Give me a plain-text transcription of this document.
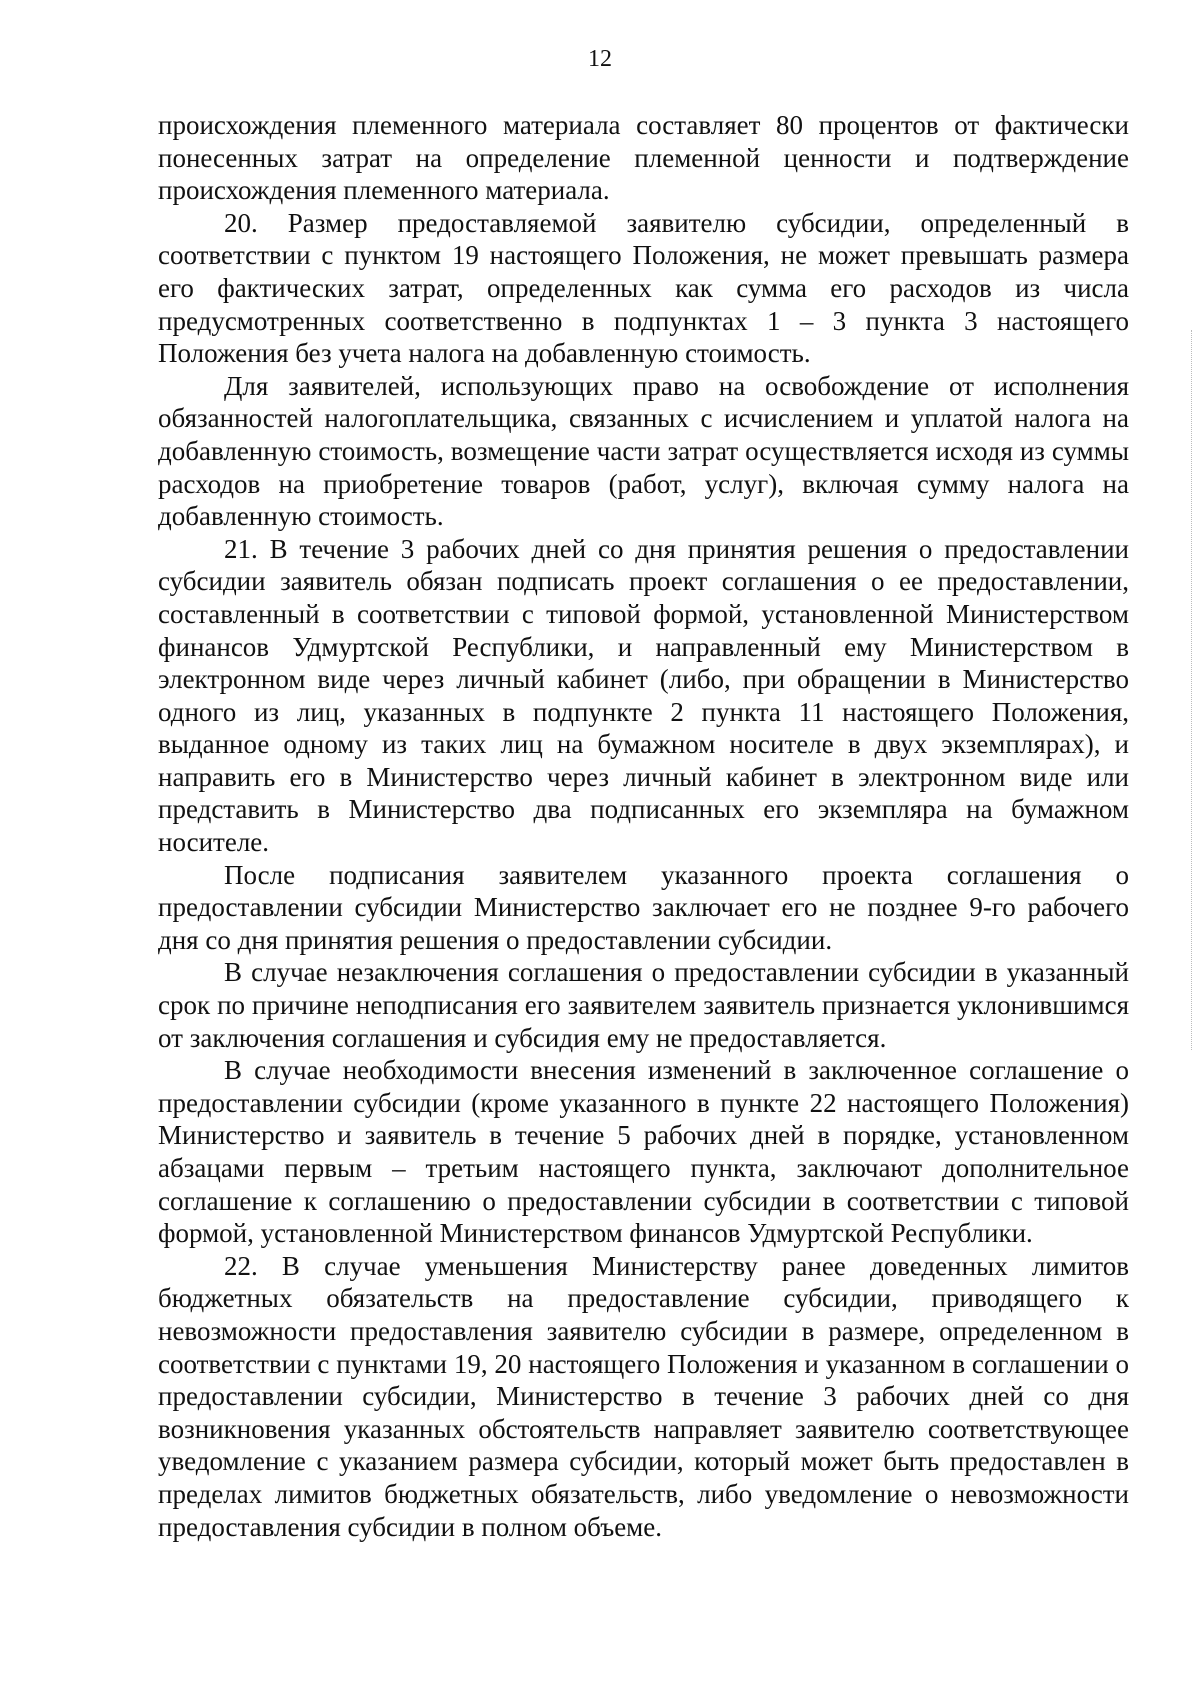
12

происхождения племенного материала составляет 80 процентов от фактически понесенных затрат на определение племенной ценности и подтверждение происхождения племенного материала.

20. Размер предоставляемой заявителю субсидии, определенный в соответствии с пунктом 19 настоящего Положения, не может превышать размера его фактических затрат, определенных как сумма его расходов из числа предусмотренных соответственно в подпунктах 1 – 3 пункта 3 настоящего Положения без учета налога на добавленную стоимость.

Для заявителей, использующих право на освобождение от исполнения обязанностей налогоплательщика, связанных с исчислением и уплатой налога на добавленную стоимость, возмещение части затрат осуществляется исходя из суммы расходов на приобретение товаров (работ, услуг), включая сумму налога на добавленную стоимость.

21. В течение 3 рабочих дней со дня принятия решения о предоставлении субсидии заявитель обязан подписать проект соглашения о ее предоставлении, составленный в соответствии с типовой формой, установленной Министерством финансов Удмуртской Республики, и направленный ему Министерством в электронном виде через личный кабинет (либо, при обращении в Министерство одного из лиц, указанных в подпункте 2 пункта 11 настоящего Положения, выданное одному из таких лиц на бумажном носителе в двух экземплярах), и направить его в Министерство через личный кабинет в электронном виде или представить в Министерство два подписанных его экземпляра на бумажном носителе.

После подписания заявителем указанного проекта соглашения о предоставлении субсидии Министерство заключает его не позднее 9-го рабочего дня со дня принятия решения о предоставлении субсидии.

В случае незаключения соглашения о предоставлении субсидии в указанный срок по причине неподписания его заявителем заявитель признается уклонившимся от заключения соглашения и субсидия ему не предоставляется.

В случае необходимости внесения изменений в заключенное соглашение о предоставлении субсидии (кроме указанного в пункте 22 настоящего Положения) Министерство и заявитель в течение 5 рабочих дней в порядке, установленном абзацами первым – третьим настоящего пункта, заключают дополнительное соглашение к соглашению о предоставлении субсидии в соответствии с типовой формой, установленной Министерством финансов Удмуртской Республики.

22. В случае уменьшения Министерству ранее доведенных лимитов бюджетных обязательств на предоставление субсидии, приводящего к невозможности предоставления заявителю субсидии в размере, определенном в соответствии с пунктами 19, 20 настоящего Положения и указанном в соглашении о предоставлении субсидии, Министерство в течение 3 рабочих дней со дня возникновения указанных обстоятельств направляет заявителю соответствующее уведомление с указанием размера субсидии, который может быть предоставлен в пределах лимитов бюджетных обязательств, либо уведомление о невозможности предоставления субсидии в полном объеме.
